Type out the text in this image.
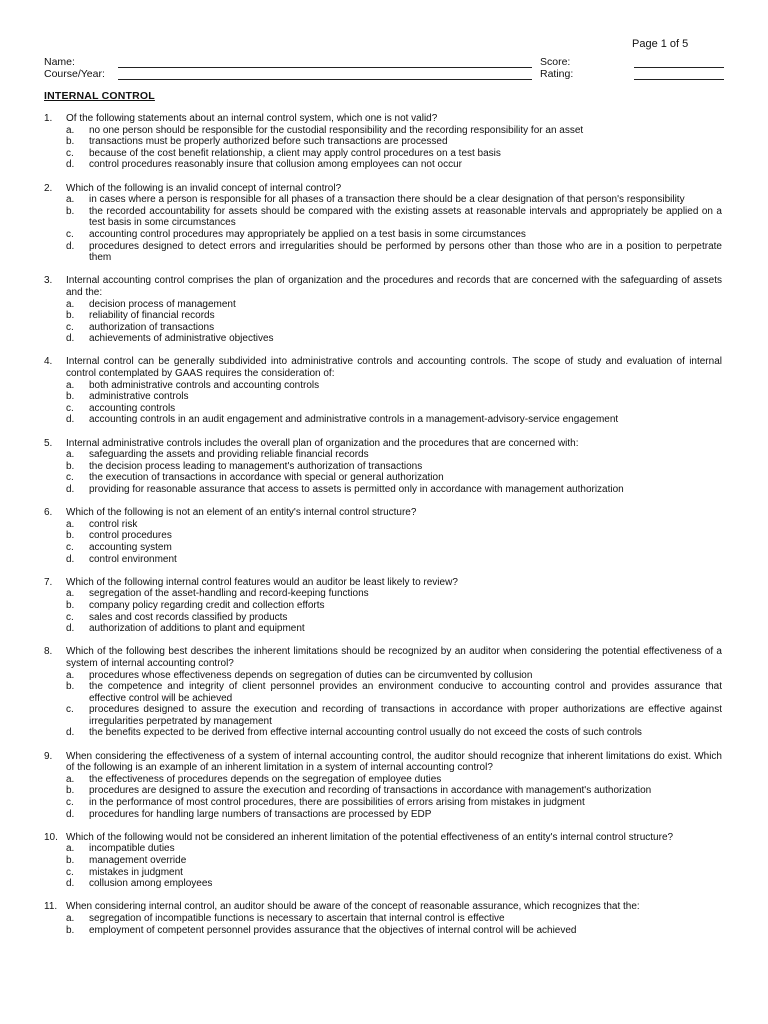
Page 1 of 5
Name:
Course/Year:
Score:
Rating:
INTERNAL CONTROL
1.	Of the following statements about an internal control system, which one is not valid?
a.	no one person should be responsible for the custodial responsibility and the recording responsibility for an asset
b.	transactions must be properly authorized before such transactions are processed
c.	because of the cost benefit relationship, a client may apply control procedures on a test basis
d.	control procedures reasonably insure that collusion among employees can not occur
2.	Which of the following is an invalid concept of internal control?
a.	in cases where a person is responsible for all phases of a transaction there should be a clear designation of that person's responsibility
b.	the recorded accountability for assets should be compared with the existing assets at reasonable intervals and appropriately be applied on a test basis in some circumstances
c.	accounting control procedures may appropriately be applied on a test basis in some circumstances
d.	procedures designed to detect errors and irregularities should be performed by persons other than those who are in a position to perpetrate them
3.	Internal accounting control comprises the plan of organization and the procedures and records that are concerned with the safeguarding of assets and the:
a.	decision process of management
b.	reliability of financial records
c.	authorization of transactions
d.	achievements of administrative objectives
4.	Internal control can be generally subdivided into administrative controls and accounting controls. The scope of study and evaluation of internal control contemplated by GAAS requires the consideration of:
a.	both administrative controls and accounting controls
b.	administrative controls
c.	accounting controls
d.	accounting controls in an audit engagement and administrative controls in a management-advisory-service engagement
5.	Internal administrative controls includes the overall plan of organization and the procedures that are concerned with:
a.	safeguarding the assets and providing reliable financial records
b.	the decision process leading to management's authorization of transactions
c.	the execution of transactions in accordance with special or general authorization
d.	providing for reasonable assurance that access to assets is permitted only in accordance with management authorization
6.	Which of the following is not an element of an entity's internal control structure?
a.	control risk
b.	control procedures
c.	accounting system
d.	control environment
7.	Which of the following internal control features would an auditor be least likely to review?
a.	segregation of the asset-handling and record-keeping functions
b.	company policy regarding credit and collection efforts
c.	sales and cost records classified by products
d.	authorization of additions to plant and equipment
8.	Which of the following best describes the inherent limitations should be recognized by an auditor when considering the potential effectiveness of a system of internal accounting control?
a.	procedures whose effectiveness depends on segregation of duties can be circumvented by collusion
b.	the competence and integrity of client personnel provides an environment conducive to accounting control and provides assurance that effective control will be achieved
c.	procedures designed to assure the execution and recording of transactions in accordance with proper authorizations are effective against irregularities perpetrated by management
d.	the benefits expected to be derived from effective internal accounting control usually do not exceed the costs of such controls
9.	When considering the effectiveness of a system of internal accounting control, the auditor should recognize that inherent limitations do exist. Which of the following is an example of an inherent limitation in a system of internal accounting control?
a.	the effectiveness of procedures depends on the segregation of employee duties
b.	procedures are designed to assure the execution and recording of transactions in accordance with management's authorization
c.	in the performance of most control procedures, there are possibilities of errors arising from mistakes in judgment
d.	procedures for handling large numbers of transactions are processed by EDP
10. Which of the following would not be considered an inherent limitation of the potential effectiveness of an entity's internal control structure?
a.	incompatible duties
b.	management override
c.	mistakes in judgment
d.	collusion among employees
11. When considering internal control, an auditor should be aware of the concept of reasonable assurance, which recognizes that the:
a.	segregation of incompatible functions is necessary to ascertain that internal control is effective
b.	employment of competent personnel provides assurance that the objectives of internal control will be achieved
